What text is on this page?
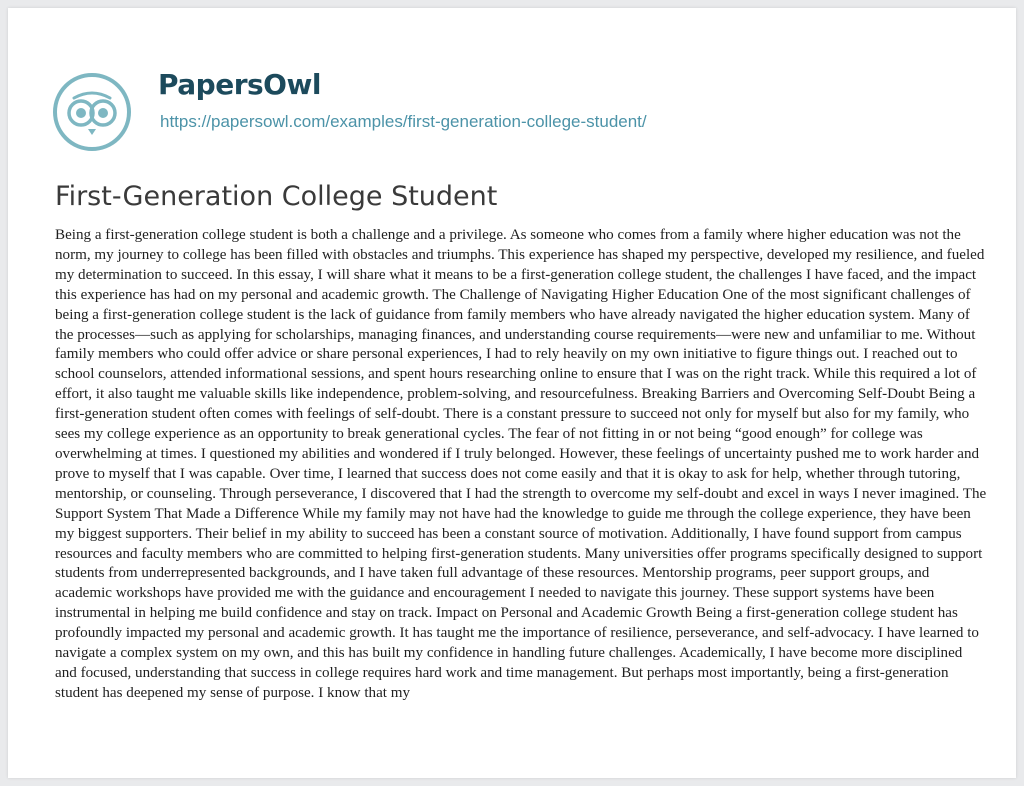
PapersOwl
https://papersowl.com/examples/first-generation-college-student/
First-Generation College Student

Being a first-generation college student is both a challenge and a privilege. As someone who comes from a family where higher education was not the norm, my journey to college has been filled with obstacles and triumphs. This experience has shaped my perspective, developed my resilience, and fueled my determination to succeed. In this essay, I will share what it means to be a first-generation college student, the challenges I have faced, and the impact this experience has had on my personal and academic growth. The Challenge of Navigating Higher Education One of the most significant challenges of being a first-generation college student is the lack of guidance from family members who have already navigated the higher education system. Many of the processes—such as applying for scholarships, managing finances, and understanding course requirements—were new and unfamiliar to me. Without family members who could offer advice or share personal experiences, I had to rely heavily on my own initiative to figure things out. I reached out to school counselors, attended informational sessions, and spent hours researching online to ensure that I was on the right track. While this required a lot of effort, it also taught me valuable skills like independence, problem-solving, and resourcefulness. Breaking Barriers and Overcoming Self-Doubt Being a first-generation student often comes with feelings of self-doubt. There is a constant pressure to succeed not only for myself but also for my family, who sees my college experience as an opportunity to break generational cycles. The fear of not fitting in or not being “good enough” for college was overwhelming at times. I questioned my abilities and wondered if I truly belonged. However, these feelings of uncertainty pushed me to work harder and prove to myself that I was capable. Over time, I learned that success does not come easily and that it is okay to ask for help, whether through tutoring, mentorship, or counseling. Through perseverance, I discovered that I had the strength to overcome my self-doubt and excel in ways I never imagined. The Support System That Made a Difference While my family may not have had the knowledge to guide me through the college experience, they have been my biggest supporters. Their belief in my ability to succeed has been a constant source of motivation. Additionally, I have found support from campus resources and faculty members who are committed to helping first-generation students. Many universities offer programs specifically designed to support students from underrepresented backgrounds, and I have taken full advantage of these resources. Mentorship programs, peer support groups, and academic workshops have provided me with the guidance and encouragement I needed to navigate this journey. These support systems have been instrumental in helping me build confidence and stay on track. Impact on Personal and Academic Growth Being a first-generation college student has profoundly impacted my personal and academic growth. It has taught me the importance of resilience, perseverance, and self-advocacy. I have learned to navigate a complex system on my own, and this has built my confidence in handling future challenges. Academically, I have become more disciplined and focused, understanding that success in college requires hard work and time management. But perhaps most importantly, being a first-generation student has deepened my sense of purpose. I know that my
